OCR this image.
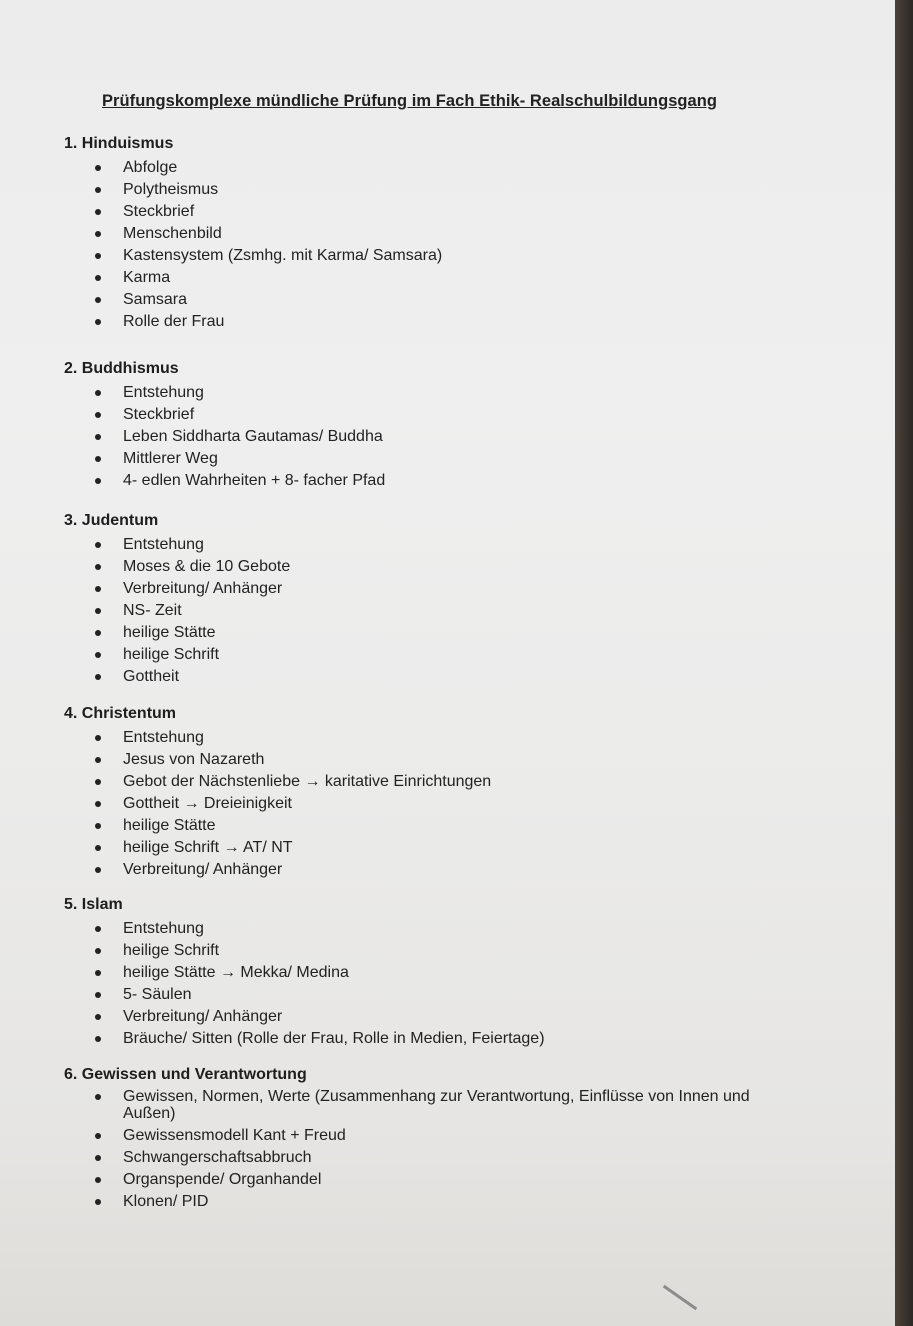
Prüfungskomplexe mündliche Prüfung im Fach Ethik- Realschulbildungsgang
1. Hinduismus
Abfolge
Polytheismus
Steckbrief
Menschenbild
Kastensystem (Zsmhg. mit Karma/ Samsara)
Karma
Samsara
Rolle der Frau
2. Buddhismus
Entstehung
Steckbrief
Leben Siddharta Gautamas/ Buddha
Mittlerer Weg
4- edlen Wahrheiten + 8- facher Pfad
3. Judentum
Entstehung
Moses & die 10 Gebote
Verbreitung/ Anhänger
NS- Zeit
heilige Stätte
heilige Schrift
Gottheit
4. Christentum
Entstehung
Jesus von Nazareth
Gebot der Nächstenliebe → karitative Einrichtungen
Gottheit → Dreieinigkeit
heilige Stätte
heilige Schrift → AT/ NT
Verbreitung/ Anhänger
5. Islam
Entstehung
heilige Schrift
heilige Stätte → Mekka/ Medina
5- Säulen
Verbreitung/ Anhänger
Bräuche/ Sitten (Rolle der Frau, Rolle in Medien, Feiertage)
6. Gewissen und Verantwortung
Gewissen, Normen, Werte (Zusammenhang zur Verantwortung, Einflüsse von Innen und Außen)
Gewissensmodell Kant + Freud
Schwangerschaftsabbruch
Organspende/ Organhandel
Klonen/ PID
